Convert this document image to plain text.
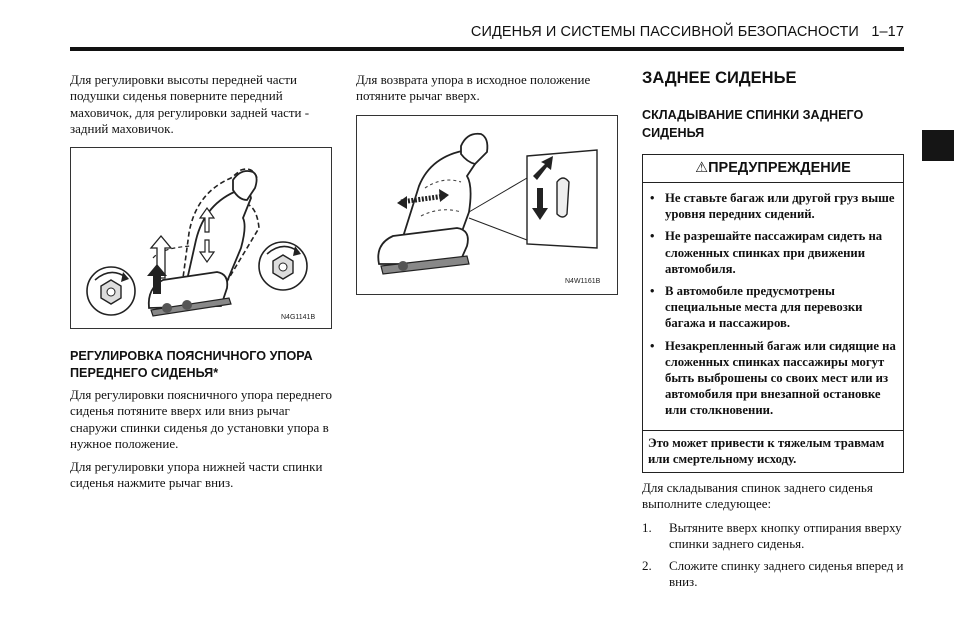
СИДЕНЬЯ И СИСТЕМЫ ПАССИВНОЙ БЕЗОПАСНОСТИ 1–17

Для регулировки высоты передней части подушки сиденья поверните передний маховичок, для регулировки задней части - задний маховичок.

N4G1141B

РЕГУЛИРОВКА ПОЯСНИЧНОГО УПОРА ПЕРЕДНЕГО СИДЕНЬЯ*

Для регулировки поясничного упора переднего сиденья потяните вверх или вниз рычаг снаружи спинки сиденья до установки упора в нужное положение.

Для регулировки упора нижней части спинки сиденья нажмите рычаг вниз.

Для возврата упора в исходное положение потяните рычаг вверх.

N4W1161B

ЗАДНЕЕ СИДЕНЬЕ

СКЛАДЫВАНИЕ СПИНКИ ЗАДНЕГО СИДЕНЬЯ

⚠ПРЕДУПРЕЖДЕНИЕ
• Не ставьте багаж или другой груз выше уровня передних сидений.
• Не разрешайте пассажирам сидеть на сложенных спинках при движении автомобиля.
• В автомобиле предусмотрены специальные места для перевозки багажа и пассажиров.
• Незакрепленный багаж или сидящие на сложенных спинках пассажиры могут быть выброшены со своих мест или из автомобиля при внезапной остановке или столкновении.
Это может привести к тяжелым травмам или смертельному исходу.

Для складывания спинок заднего сиденья выполните следующее:

1.	Вытяните вверх кнопку отпирания вверху спинки заднего сиденья.
2.	Сложите спинку заднего сиденья вперед и вниз.
